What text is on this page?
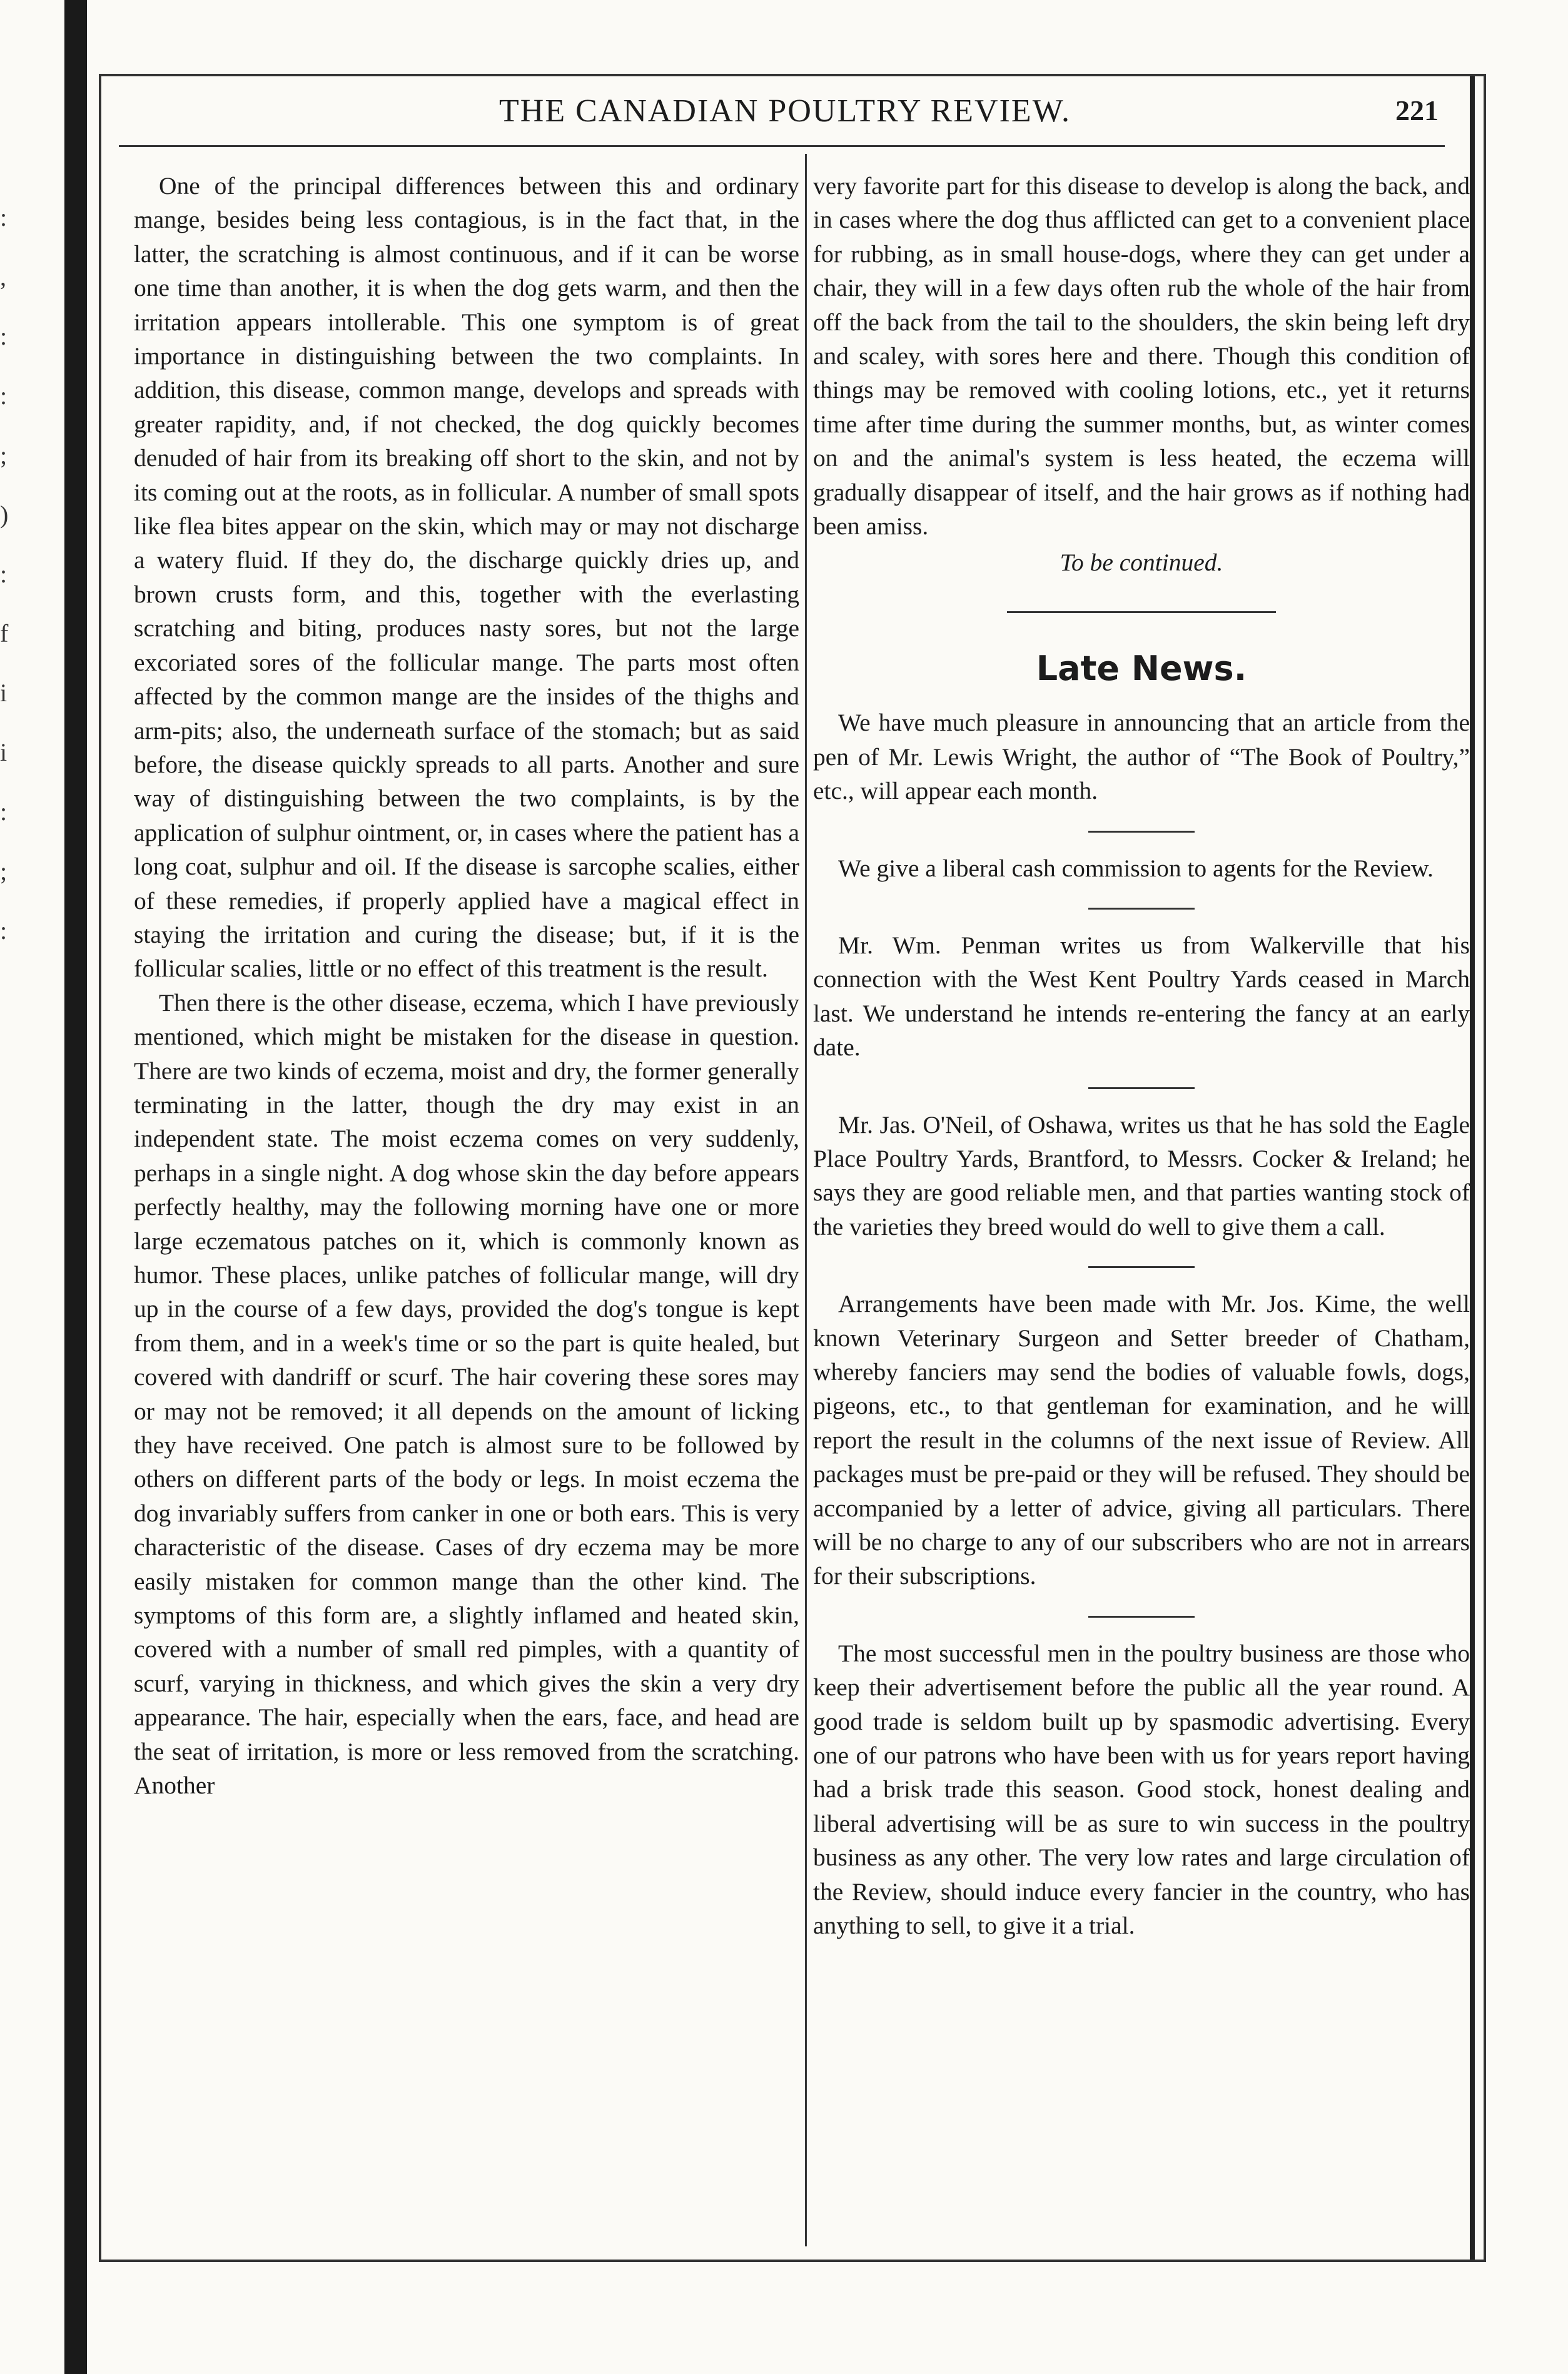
:
,
:
:
;
)
:
f
i
i
:
;
:
THE CANADIAN POULTRY REVIEW.	221

One of the principal differences between this and ordinary mange, besides being less contagious, is in the fact that, in the latter, the scratching is almost continuous, and if it can be worse one time than another, it is when the dog gets warm, and then the irritation appears intollerable. This one symptom is of great importance in distinguishing between the two complaints. In addition, this disease, common mange, develops and spreads with greater rapidity, and, if not checked, the dog quickly becomes denuded of hair from its breaking off short to the skin, and not by its coming out at the roots, as in follicular. A number of small spots like flea bites appear on the skin, which may or may not discharge a watery fluid. If they do, the discharge quickly dries up, and brown crusts form, and this, together with the everlasting scratching and biting, produces nasty sores, but not the large excoriated sores of the follicular mange. The parts most often affected by the common mange are the insides of the thighs and arm-pits; also, the underneath surface of the stomach; but as said before, the disease quickly spreads to all parts. Another and sure way of distinguishing between the two complaints, is by the application of sulphur ointment, or, in cases where the patient has a long coat, sulphur and oil. If the disease is sarcophe scalies, either of these remedies, if properly applied have a magical effect in staying the irritation and curing the disease; but, if it is the follicular scalies, little or no effect of this treatment is the result.

Then there is the other disease, eczema, which I have previously mentioned, which might be mistaken for the disease in question. There are two kinds of eczema, moist and dry, the former generally terminating in the latter, though the dry may exist in an independent state. The moist eczema comes on very suddenly, perhaps in a single night. A dog whose skin the day before appears perfectly healthy, may the following morning have one or more large eczematous patches on it, which is commonly known as humor. These places, unlike patches of follicular mange, will dry up in the course of a few days, provided the dog's tongue is kept from them, and in a week's time or so the part is quite healed, but covered with dandriff or scurf. The hair covering these sores may or may not be removed; it all depends on the amount of licking they have received. One patch is almost sure to be followed by others on different parts of the body or legs. In moist eczema the dog invariably suffers from canker in one or both ears. This is very characteristic of the disease. Cases of dry eczema may be more easily mistaken for common mange than the other kind. The symptoms of this form are, a slightly inflamed and heated skin, covered with a number of small red pimples, with a quantity of scurf, varying in thickness, and which gives the skin a very dry appearance. The hair, especially when the ears, face, and head are the seat of irritation, is more or less removed from the scratching. Another

very favorite part for this disease to develop is along the back, and in cases where the dog thus afflicted can get to a convenient place for rubbing, as in small house-dogs, where they can get under a chair, they will in a few days often rub the whole of the hair from off the back from the tail to the shoulders, the skin being left dry and scaley, with sores here and there. Though this condition of things may be removed with cooling lotions, etc., yet it returns time after time during the summer months, but, as winter comes on and the animal's system is less heated, the eczema will gradually disappear of itself, and the hair grows as if nothing had been amiss.

To be continued.

Late News.

We have much pleasure in announcing that an article from the pen of Mr. Lewis Wright, the author of “The Book of Poultry,” etc., will appear each month.

We give a liberal cash commission to agents for the Review.

Mr. Wm. Penman writes us from Walkerville that his connection with the West Kent Poultry Yards ceased in March last. We understand he intends re-entering the fancy at an early date.

Mr. Jas. O'Neil, of Oshawa, writes us that he has sold the Eagle Place Poultry Yards, Brantford, to Messrs. Cocker & Ireland; he says they are good reliable men, and that parties wanting stock of the varieties they breed would do well to give them a call.

Arrangements have been made with Mr. Jos. Kime, the well known Veterinary Surgeon and Setter breeder of Chatham, whereby fanciers may send the bodies of valuable fowls, dogs, pigeons, etc., to that gentleman for examination, and he will report the result in the columns of the next issue of Review. All packages must be pre-paid or they will be refused. They should be accompanied by a letter of advice, giving all particulars. There will be no charge to any of our subscribers who are not in arrears for their subscriptions.

The most successful men in the poultry business are those who keep their advertisement before the public all the year round. A good trade is seldom built up by spasmodic advertising. Every one of our patrons who have been with us for years report having had a brisk trade this season. Good stock, honest dealing and liberal advertising will be as sure to win success in the poultry business as any other. The very low rates and large circulation of the Review, should induce every fancier in the country, who has anything to sell, to give it a trial.
